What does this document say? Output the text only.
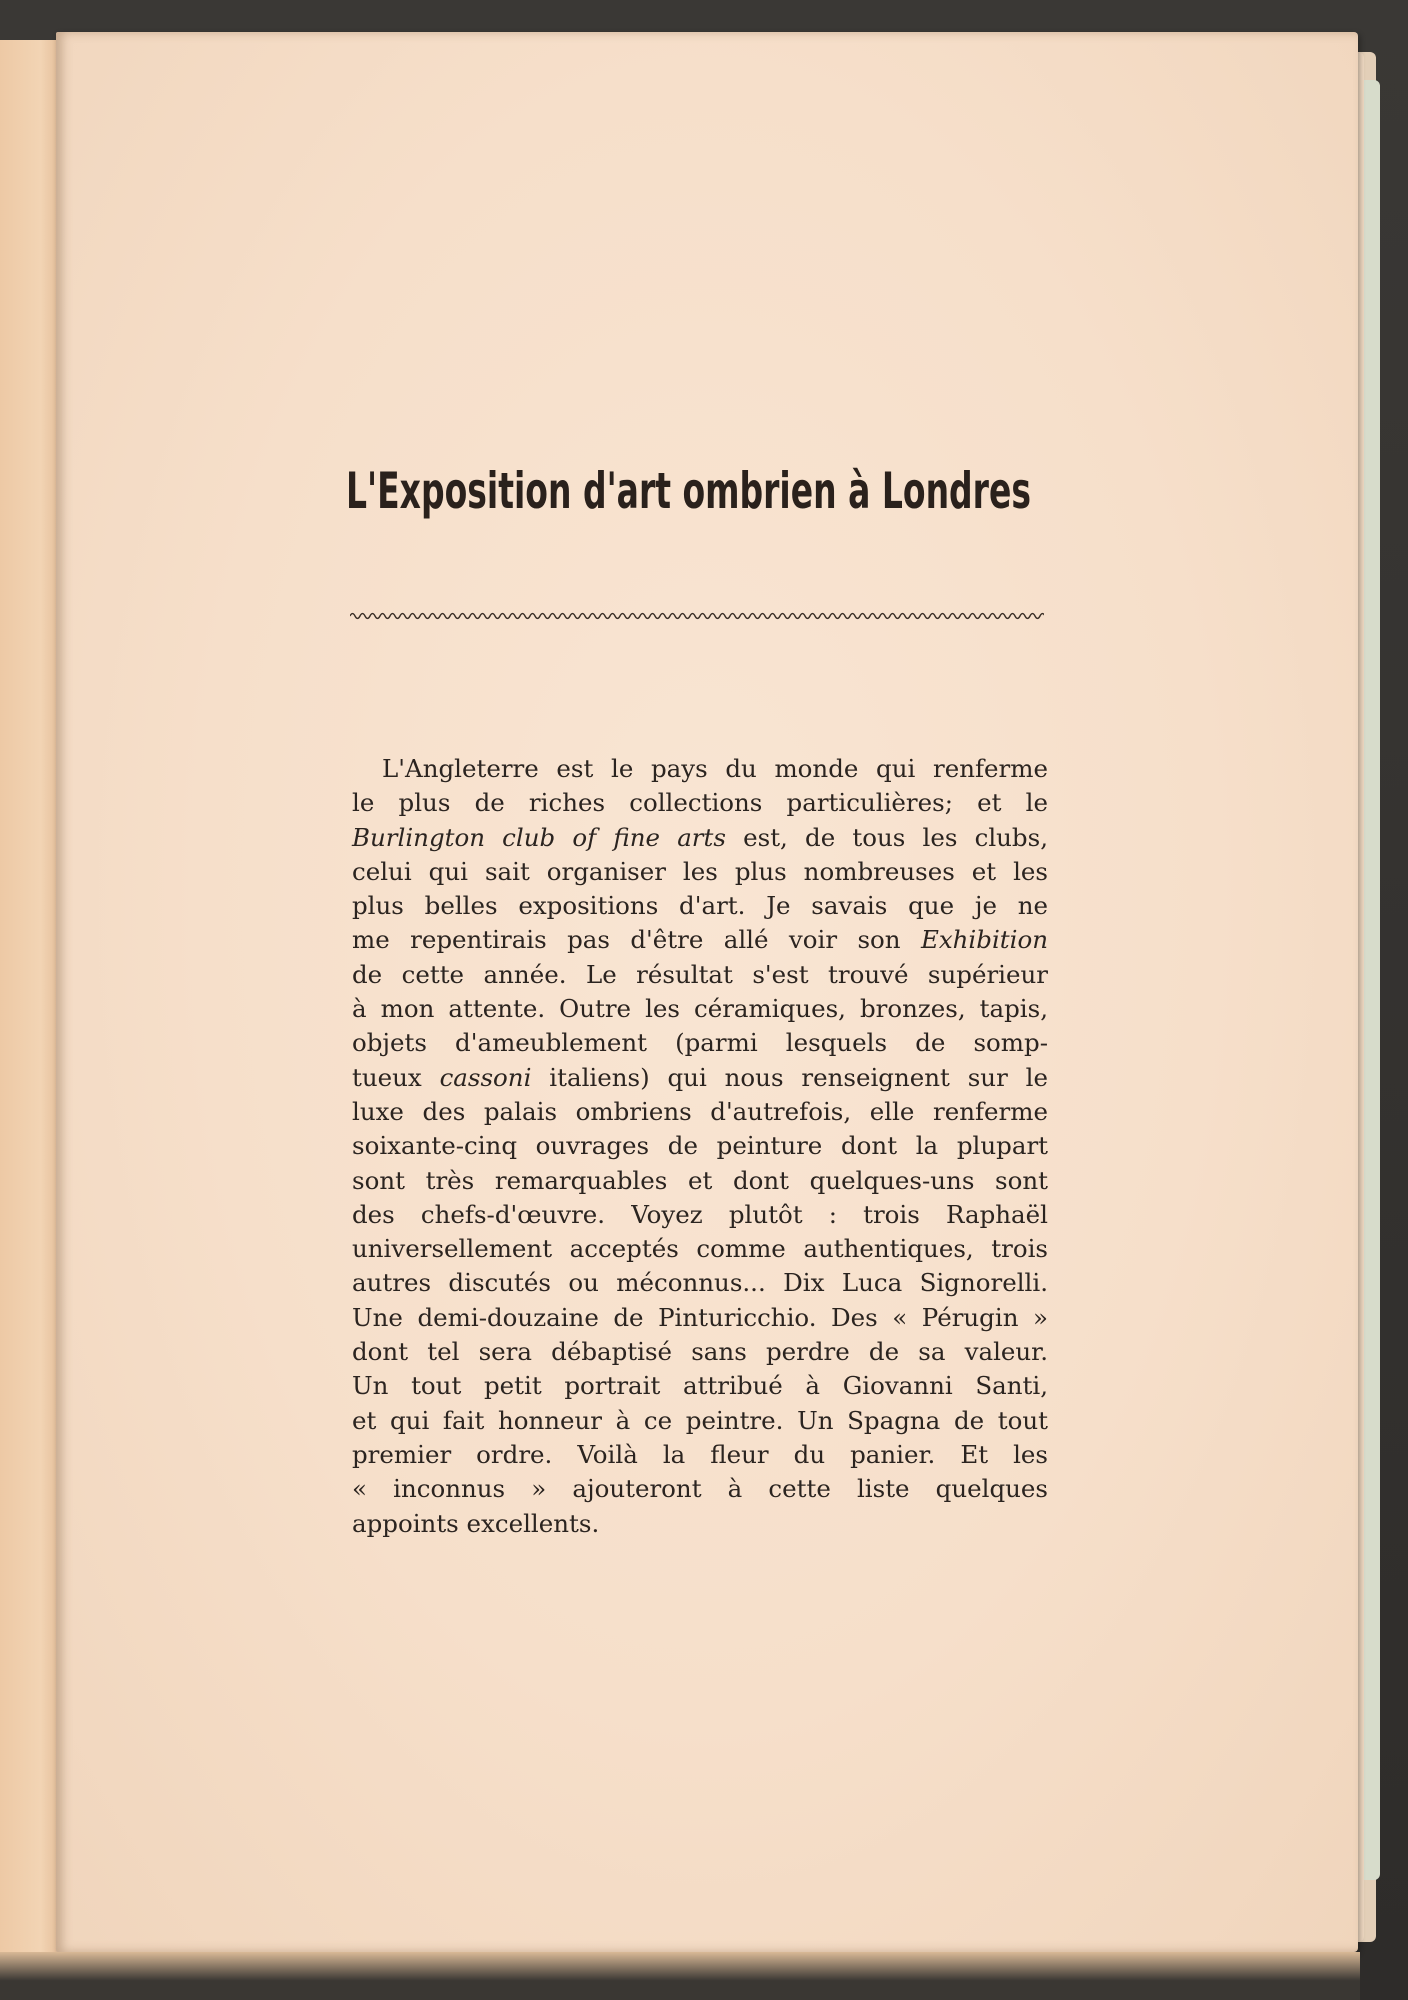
L'Exposition d'art ombrien à Londres
L'Angleterre est le pays du monde qui renferme
le plus de riches collections particulières; et le
Burlington club of fine arts est, de tous les clubs,
celui qui sait organiser les plus nombreuses et les
plus belles expositions d'art. Je savais que je ne
me repentirais pas d'être allé voir son Exhibition
de cette année. Le résultat s'est trouvé supérieur
à mon attente. Outre les céramiques, bronzes, tapis,
objets d'ameublement (parmi lesquels de somp-
tueux cassoni italiens) qui nous renseignent sur le
luxe des palais ombriens d'autrefois, elle renferme
soixante-cinq ouvrages de peinture dont la plupart
sont très remarquables et dont quelques-uns sont
des chefs-d'œuvre. Voyez plutôt : trois Raphaël
universellement acceptés comme authentiques, trois
autres discutés ou méconnus... Dix Luca Signorelli.
Une demi-douzaine de Pinturicchio. Des « Pérugin »
dont tel sera débaptisé sans perdre de sa valeur.
Un tout petit portrait attribué à Giovanni Santi,
et qui fait honneur à ce peintre. Un Spagna de tout
premier ordre. Voilà la fleur du panier. Et les
« inconnus » ajouteront à cette liste quelques
appoints excellents.
